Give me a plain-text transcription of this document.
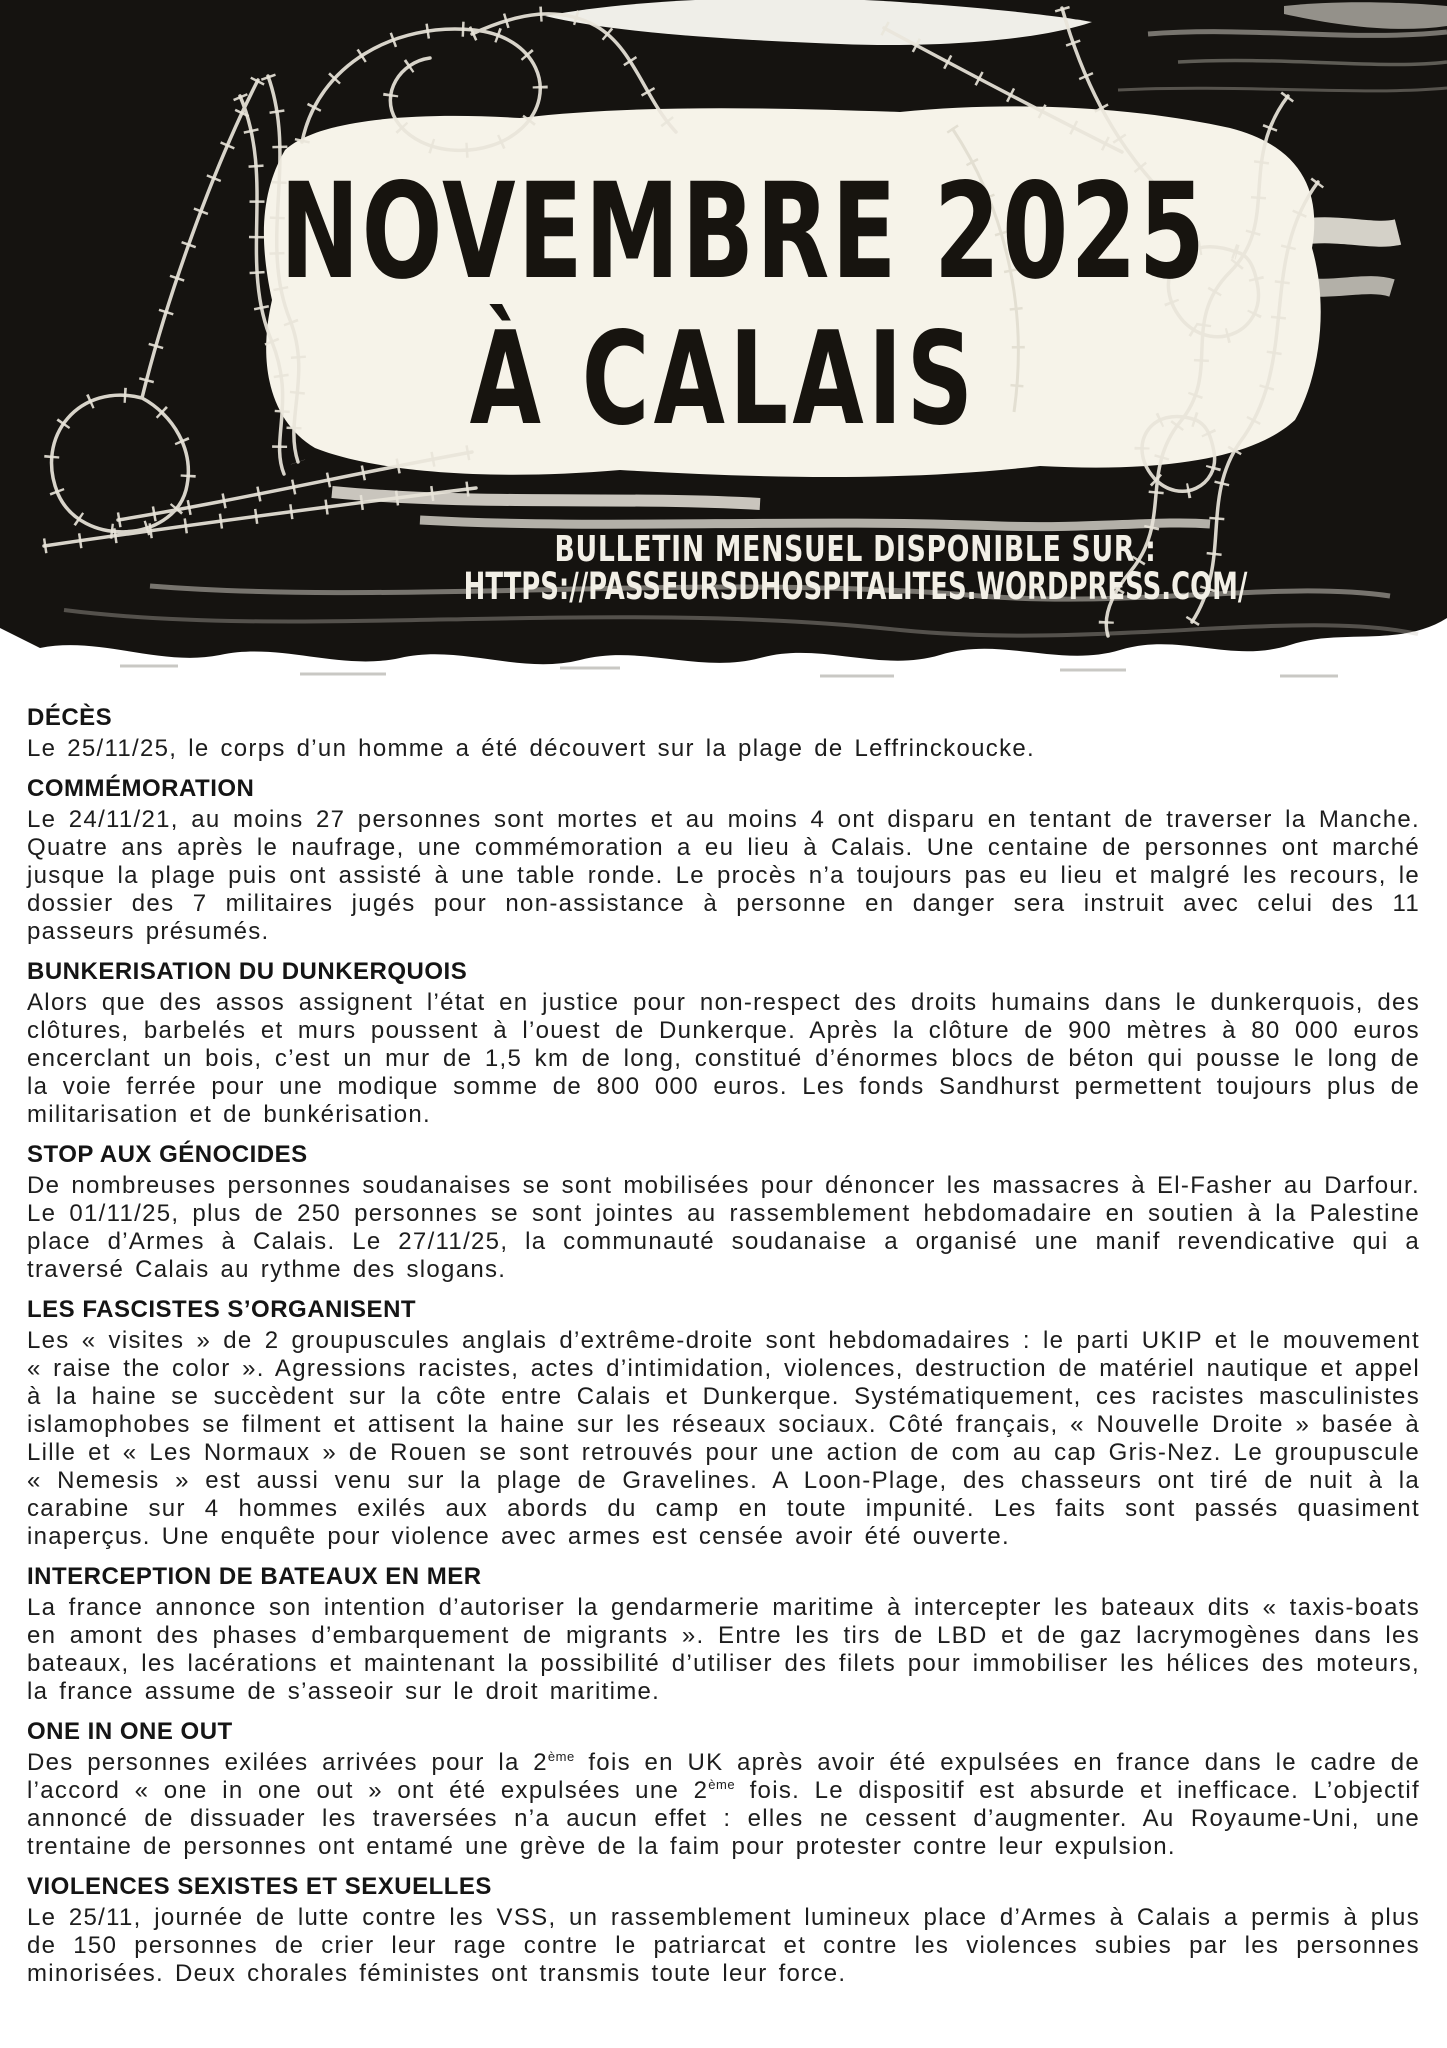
NOVEMBRE 2025
À CALAIS
BULLETIN MENSUEL DISPONIBLE SUR :
HTTPS://PASSEURSDHOSPITALITES.WORDPRESS.COM/
DÉCÈS

Le 25/11/25, le corps d’un homme a été découvert sur la plage de Leffrinckoucke.

COMMÉMORATION

Le 24/11/21, au moins 27 personnes sont mortes et au moins 4 ont disparu en tentant de traverser la Manche. Quatre ans après le naufrage, une commémoration a eu lieu à Calais. Une centaine de personnes ont marché jusque la plage puis ont assisté à une table ronde. Le procès n’a toujours pas eu lieu et malgré les recours, le dossier des 7 militaires jugés pour non-assistance à personne en danger sera instruit avec celui des 11 passeurs présumés.

BUNKERISATION DU DUNKERQUOIS

Alors que des assos assignent l’état en justice pour non-respect des droits humains dans le dunkerquois, des clôtures, barbelés et murs poussent à l’ouest de Dunkerque. Après la clôture de 900 mètres à 80 000 euros encerclant un bois, c’est un mur de 1,5 km de long, constitué d’énormes blocs de béton qui pousse le long de la voie ferrée pour une modique somme de 800 000 euros. Les fonds Sandhurst permettent toujours plus de militarisation et de bunkérisation.

STOP AUX GÉNOCIDES

De nombreuses personnes soudanaises se sont mobilisées pour dénoncer les massacres à El-Fasher au Darfour. Le 01/11/25, plus de 250 personnes se sont jointes au rassemblement hebdomadaire en soutien à la Palestine place d’Armes à Calais. Le 27/11/25, la communauté soudanaise a organisé une manif revendicative qui a traversé Calais au rythme des slogans.

LES FASCISTES S’ORGANISENT

Les « visites » de 2 groupuscules anglais d’extrême-droite sont hebdomadaires : le parti UKIP et le mouvement « raise the color ». Agressions racistes, actes d’intimidation, violences, destruction de matériel nautique et appel à la haine se succèdent sur la côte entre Calais et Dunkerque. Systématiquement, ces racistes masculinistes islamophobes se filment et attisent la haine sur les réseaux sociaux. Côté français, « Nouvelle Droite » basée à Lille et « Les Normaux » de Rouen se sont retrouvés pour une action de com au cap Gris-Nez. Le groupuscule « Nemesis » est aussi venu sur la plage de Gravelines. A Loon-Plage, des chasseurs ont tiré de nuit à la carabine sur 4 hommes exilés aux abords du camp en toute impunité. Les faits sont passés quasiment inaperçus. Une enquête pour violence avec armes est censée avoir été ouverte.

INTERCEPTION DE BATEAUX EN MER

La france annonce son intention d’autoriser la gendarmerie maritime à intercepter les bateaux dits « taxis-boats en amont des phases d’embarquement de migrants ». Entre les tirs de LBD et de gaz lacrymogènes dans les bateaux, les lacérations et maintenant la possibilité d’utiliser des filets pour immobiliser les hélices des moteurs, la france assume de s’asseoir sur le droit maritime.

ONE IN ONE OUT

Des personnes exilées arrivées pour la 2ème fois en UK après avoir été expulsées en france dans le cadre de l’accord « one in one out » ont été expulsées une 2ème fois. Le dispositif est absurde et inefficace. L’objectif annoncé de dissuader les traversées n’a aucun effet : elles ne cessent d’augmenter. Au Royaume-Uni, une trentaine de personnes ont entamé une grève de la faim pour protester contre leur expulsion.

VIOLENCES SEXISTES ET SEXUELLES

Le 25/11, journée de lutte contre les VSS, un rassemblement lumineux place d’Armes à Calais a permis à plus de 150 personnes de crier leur rage contre le patriarcat et contre les violences subies par les personnes minorisées. Deux chorales féministes ont transmis toute leur force.
